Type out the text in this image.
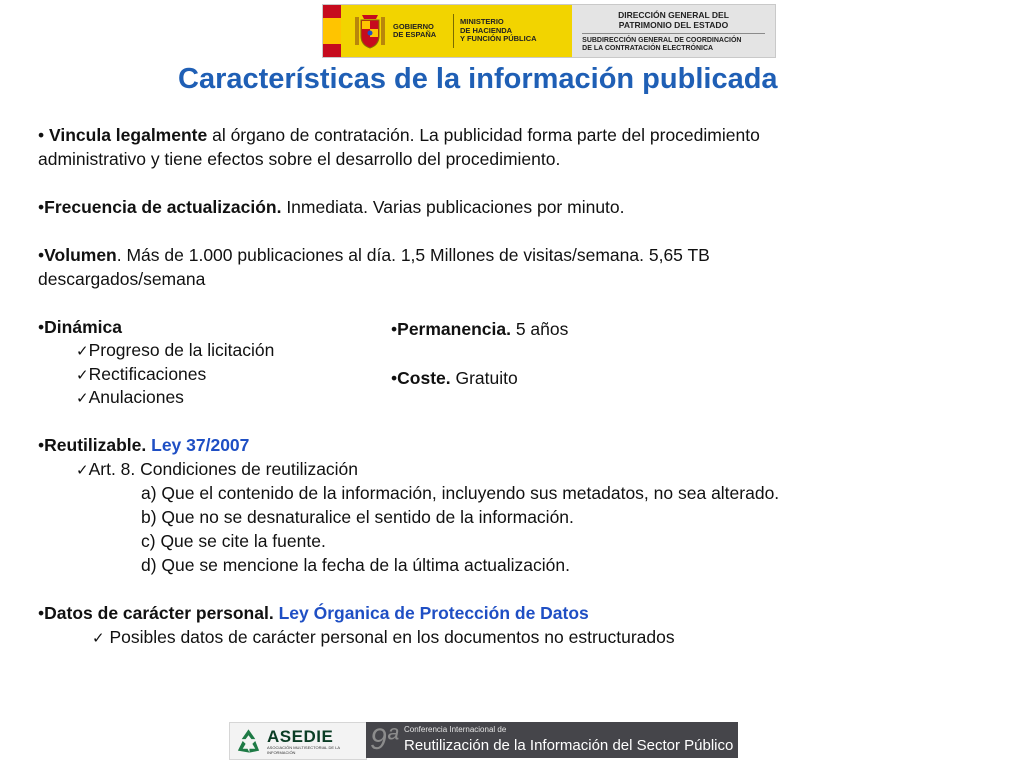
GOBIERNO
DE ESPAÑA
MINISTERIO
DE HACIENDA
Y FUNCIÓN PÚBLICA
DIRECCIÓN GENERAL DEL
PATRIMONIO DEL ESTADO
SUBDIRECCIÓN GENERAL DE COORDINACIÓN
DE LA CONTRATACIÓN ELECTRÓNICA
Características de la información publicada
• Vincula legalmente al órgano de contratación. La publicidad forma parte del procedimiento
administrativo y tiene efectos sobre el desarrollo del procedimiento.
•Frecuencia de actualización. Inmediata. Varias publicaciones por minuto.
•Volumen. Más de 1.000 publicaciones al día. 1,5 Millones de visitas/semana. 5,65 TB
descargados/semana
•Dinámica
✓Progreso de la licitación
✓Rectificaciones
✓Anulaciones
•Permanencia. 5 años
•Coste. Gratuito
•Reutilizable. Ley 37/2007
✓Art. 8. Condiciones de reutilización
a) Que el contenido de la información, incluyendo sus metadatos, no sea alterado.
b) Que no se desnaturalice el sentido de la información.
c) Que se cite la fuente.
d) Que se mencione la fecha de la última actualización.
•Datos de carácter personal. Ley Órganica de Protección de Datos
✓ Posibles datos de carácter personal en los documentos no estructurados
ASEDIE
ASOCIACIÓN MULTISECTORIAL DE LA INFORMACIÓN	9ª Conferencia Internacional de
Reutilización de la Información del Sector Público
